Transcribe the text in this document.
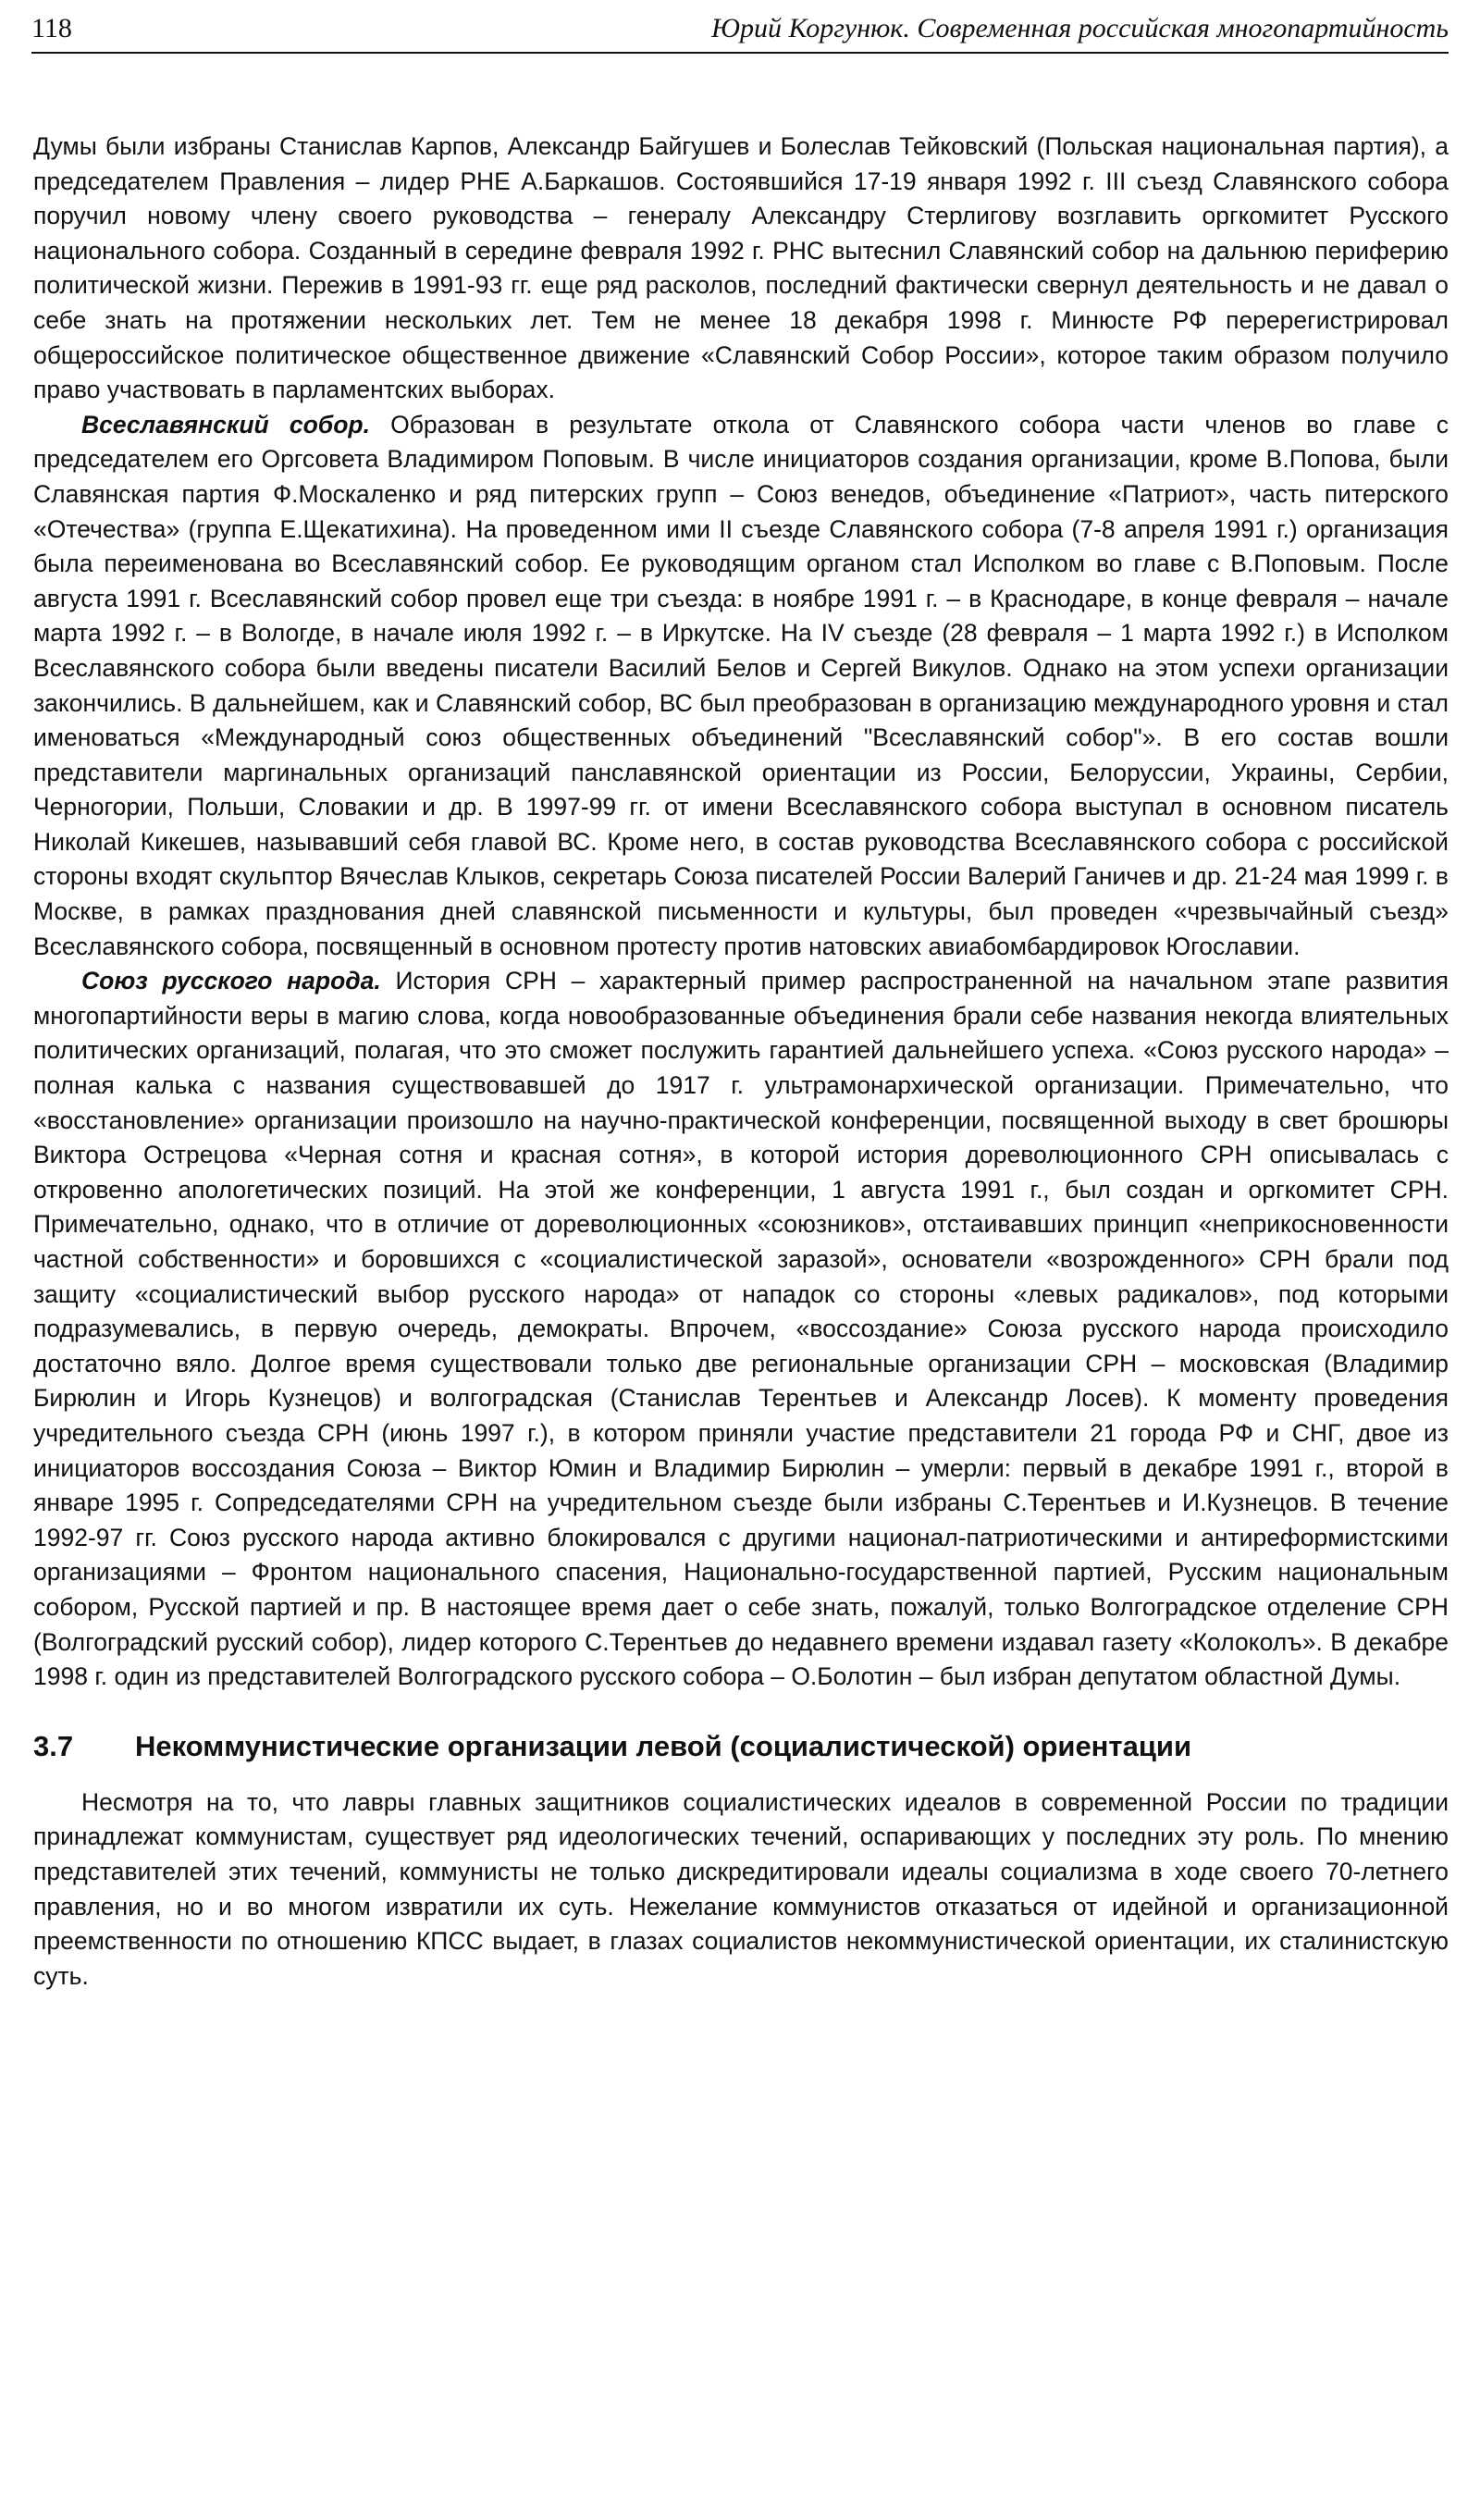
118	Юрий Коргунюк. Современная российская многопартийность

Думы были избраны Станислав Карпов, Александр Байгушев и Болеслав Тейковский (Польская национальная партия), а председателем Правления – лидер РНЕ А.Баркашов. Состоявшийся 17-19 января 1992 г. III съезд Славянского собора поручил новому члену своего руководства – генералу Александру Стерлигову возглавить оргкомитет Русского национального собора. Созданный в середине февраля 1992 г. РНС вытеснил Славянский собор на дальнюю периферию политической жизни. Пережив в 1991-93 гг. еще ряд расколов, последний фактически свернул деятельность и не давал о себе знать на протяжении нескольких лет. Тем не менее 18 декабря 1998 г. Минюсте РФ перерегистрировал общероссийское политическое общественное движение «Славянский Собор России», которое таким образом получило право участвовать в парламентских выборах.

Всеславянский собор. Образован в результате откола от Славянского собора части членов во главе с председателем его Оргсовета Владимиром Поповым. В числе инициаторов создания организации, кроме В.Попова, были Славянская партия Ф.Москаленко и ряд питерских групп – Союз венедов, объединение «Патриот», часть питерского «Отечества» (группа Е.Щекатихина). На проведенном ими II съезде Славянского собора (7-8 апреля 1991 г.) организация была переименована во Всеславянский собор. Ее руководящим органом стал Исполком во главе с В.Поповым. После августа 1991 г. Всеславянский собор провел еще три съезда: в ноябре 1991 г. – в Краснодаре, в конце февраля – начале марта 1992 г. – в Вологде, в начале июля 1992 г. – в Иркутске. На IV съезде (28 февраля – 1 марта 1992 г.) в Исполком Всеславянского собора были введены писатели Василий Белов и Сергей Викулов. Однако на этом успехи организации закончились. В дальнейшем, как и Славянский собор, ВС был преобразован в организацию международного уровня и стал именоваться «Международный союз общественных объединений "Всеславянский собор"». В его состав вошли представители маргинальных организаций панславянской ориентации из России, Белоруссии, Украины, Сербии, Черногории, Польши, Словакии и др. В 1997-99 гг. от имени Всеславянского собора выступал в основном писатель Николай Кикешев, называвший себя главой ВС. Кроме него, в состав руководства Всеславянского собора с российской стороны входят скульптор Вячеслав Клыков, секретарь Союза писателей России Валерий Ганичев и др. 21-24 мая 1999 г. в Москве, в рамках празднования дней славянской письменности и культуры, был проведен «чрезвычайный съезд» Всеславянского собора, посвященный в основном протесту против натовских авиабомбардировок Югославии.

Союз русского народа. История СРН – характерный пример распространенной на начальном этапе развития многопартийности веры в магию слова, когда новообразованные объединения брали себе названия некогда влиятельных политических организаций, полагая, что это сможет послужить гарантией дальнейшего успеха. «Союз русского народа» – полная калька с названия существовавшей до 1917 г. ультрамонархической организации. Примечательно, что «восстановление» организации произошло на научно-практической конференции, посвященной выходу в свет брошюры Виктора Острецова «Черная сотня и красная сотня», в которой история дореволюционного СРН описывалась с откровенно апологетических позиций. На этой же конференции, 1 августа 1991 г., был создан и оргкомитет СРН. Примечательно, однако, что в отличие от дореволюционных «союзников», отстаивавших принцип «неприкосновенности частной собственности» и боровшихся с «социалистической заразой», основатели «возрожденного» СРН брали под защиту «социалистический выбор русского народа» от нападок со стороны «левых радикалов», под которыми подразумевались, в первую очередь, демократы. Впрочем, «воссоздание» Союза русского народа происходило достаточно вяло. Долгое время существовали только две региональные организации СРН – московская (Владимир Бирюлин и Игорь Кузнецов) и волгоградская (Станислав Терентьев и Александр Лосев). К моменту проведения учредительного съезда СРН (июнь 1997 г.), в котором приняли участие представители 21 города РФ и СНГ, двое из инициаторов воссоздания Союза – Виктор Юмин и Владимир Бирюлин – умерли: первый в декабре 1991 г., второй в январе 1995 г. Сопредседателями СРН на учредительном съезде были избраны С.Терентьев и И.Кузнецов. В течение 1992-97 гг. Союз русского народа активно блокировался с другими национал-патриотическими и антиреформистскими организациями – Фронтом национального спасения, Национально-государственной партией, Русским национальным собором, Русской партией и пр. В настоящее время дает о себе знать, пожалуй, только Волгоградское отделение СРН (Волгоградский русский собор), лидер которого С.Терентьев до недавнего времени издавал газету «Колоколъ». В декабре 1998 г. один из представителей Волгоградского русского собора – О.Болотин – был избран депутатом областной Думы.

3.7 Некоммунистические организации левой (социалистической) ориентации

Несмотря на то, что лавры главных защитников социалистических идеалов в современной России по традиции принадлежат коммунистам, существует ряд идеологических течений, оспаривающих у последних эту роль. По мнению представителей этих течений, коммунисты не только дискредитировали идеалы социализма в ходе своего 70-летнего правления, но и во многом извратили их суть. Нежелание коммунистов отказаться от идейной и организационной преемственности по отношению КПСС выдает, в глазах социалистов некоммунистической ориентации, их сталинистскую суть.
